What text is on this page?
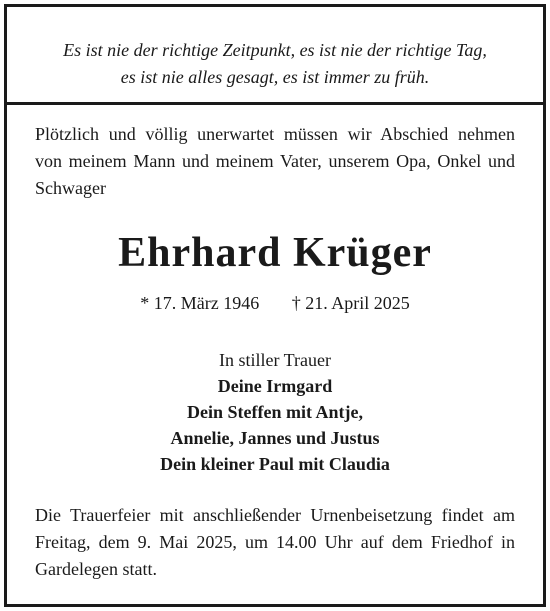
Es ist nie der richtige Zeitpunkt, es ist nie der richtige Tag,
es ist nie alles gesagt, es ist immer zu früh.
Plötzlich und völlig unerwartet müssen wir Abschied nehmen
von meinem Mann und meinem Vater, unserem Opa, Onkel und
Schwager
Ehrhard Krüger
* 17. März 1946 † 21. April 2025
In stiller Trauer
Deine Irmgard
Dein Steffen mit Antje,
Annelie, Jannes und Justus
Dein kleiner Paul mit Claudia
Die Trauerfeier mit anschließender Urnenbeisetzung findet am
Freitag, dem 9. Mai 2025, um 14.00 Uhr auf dem Friedhof in
Gardelegen statt.
